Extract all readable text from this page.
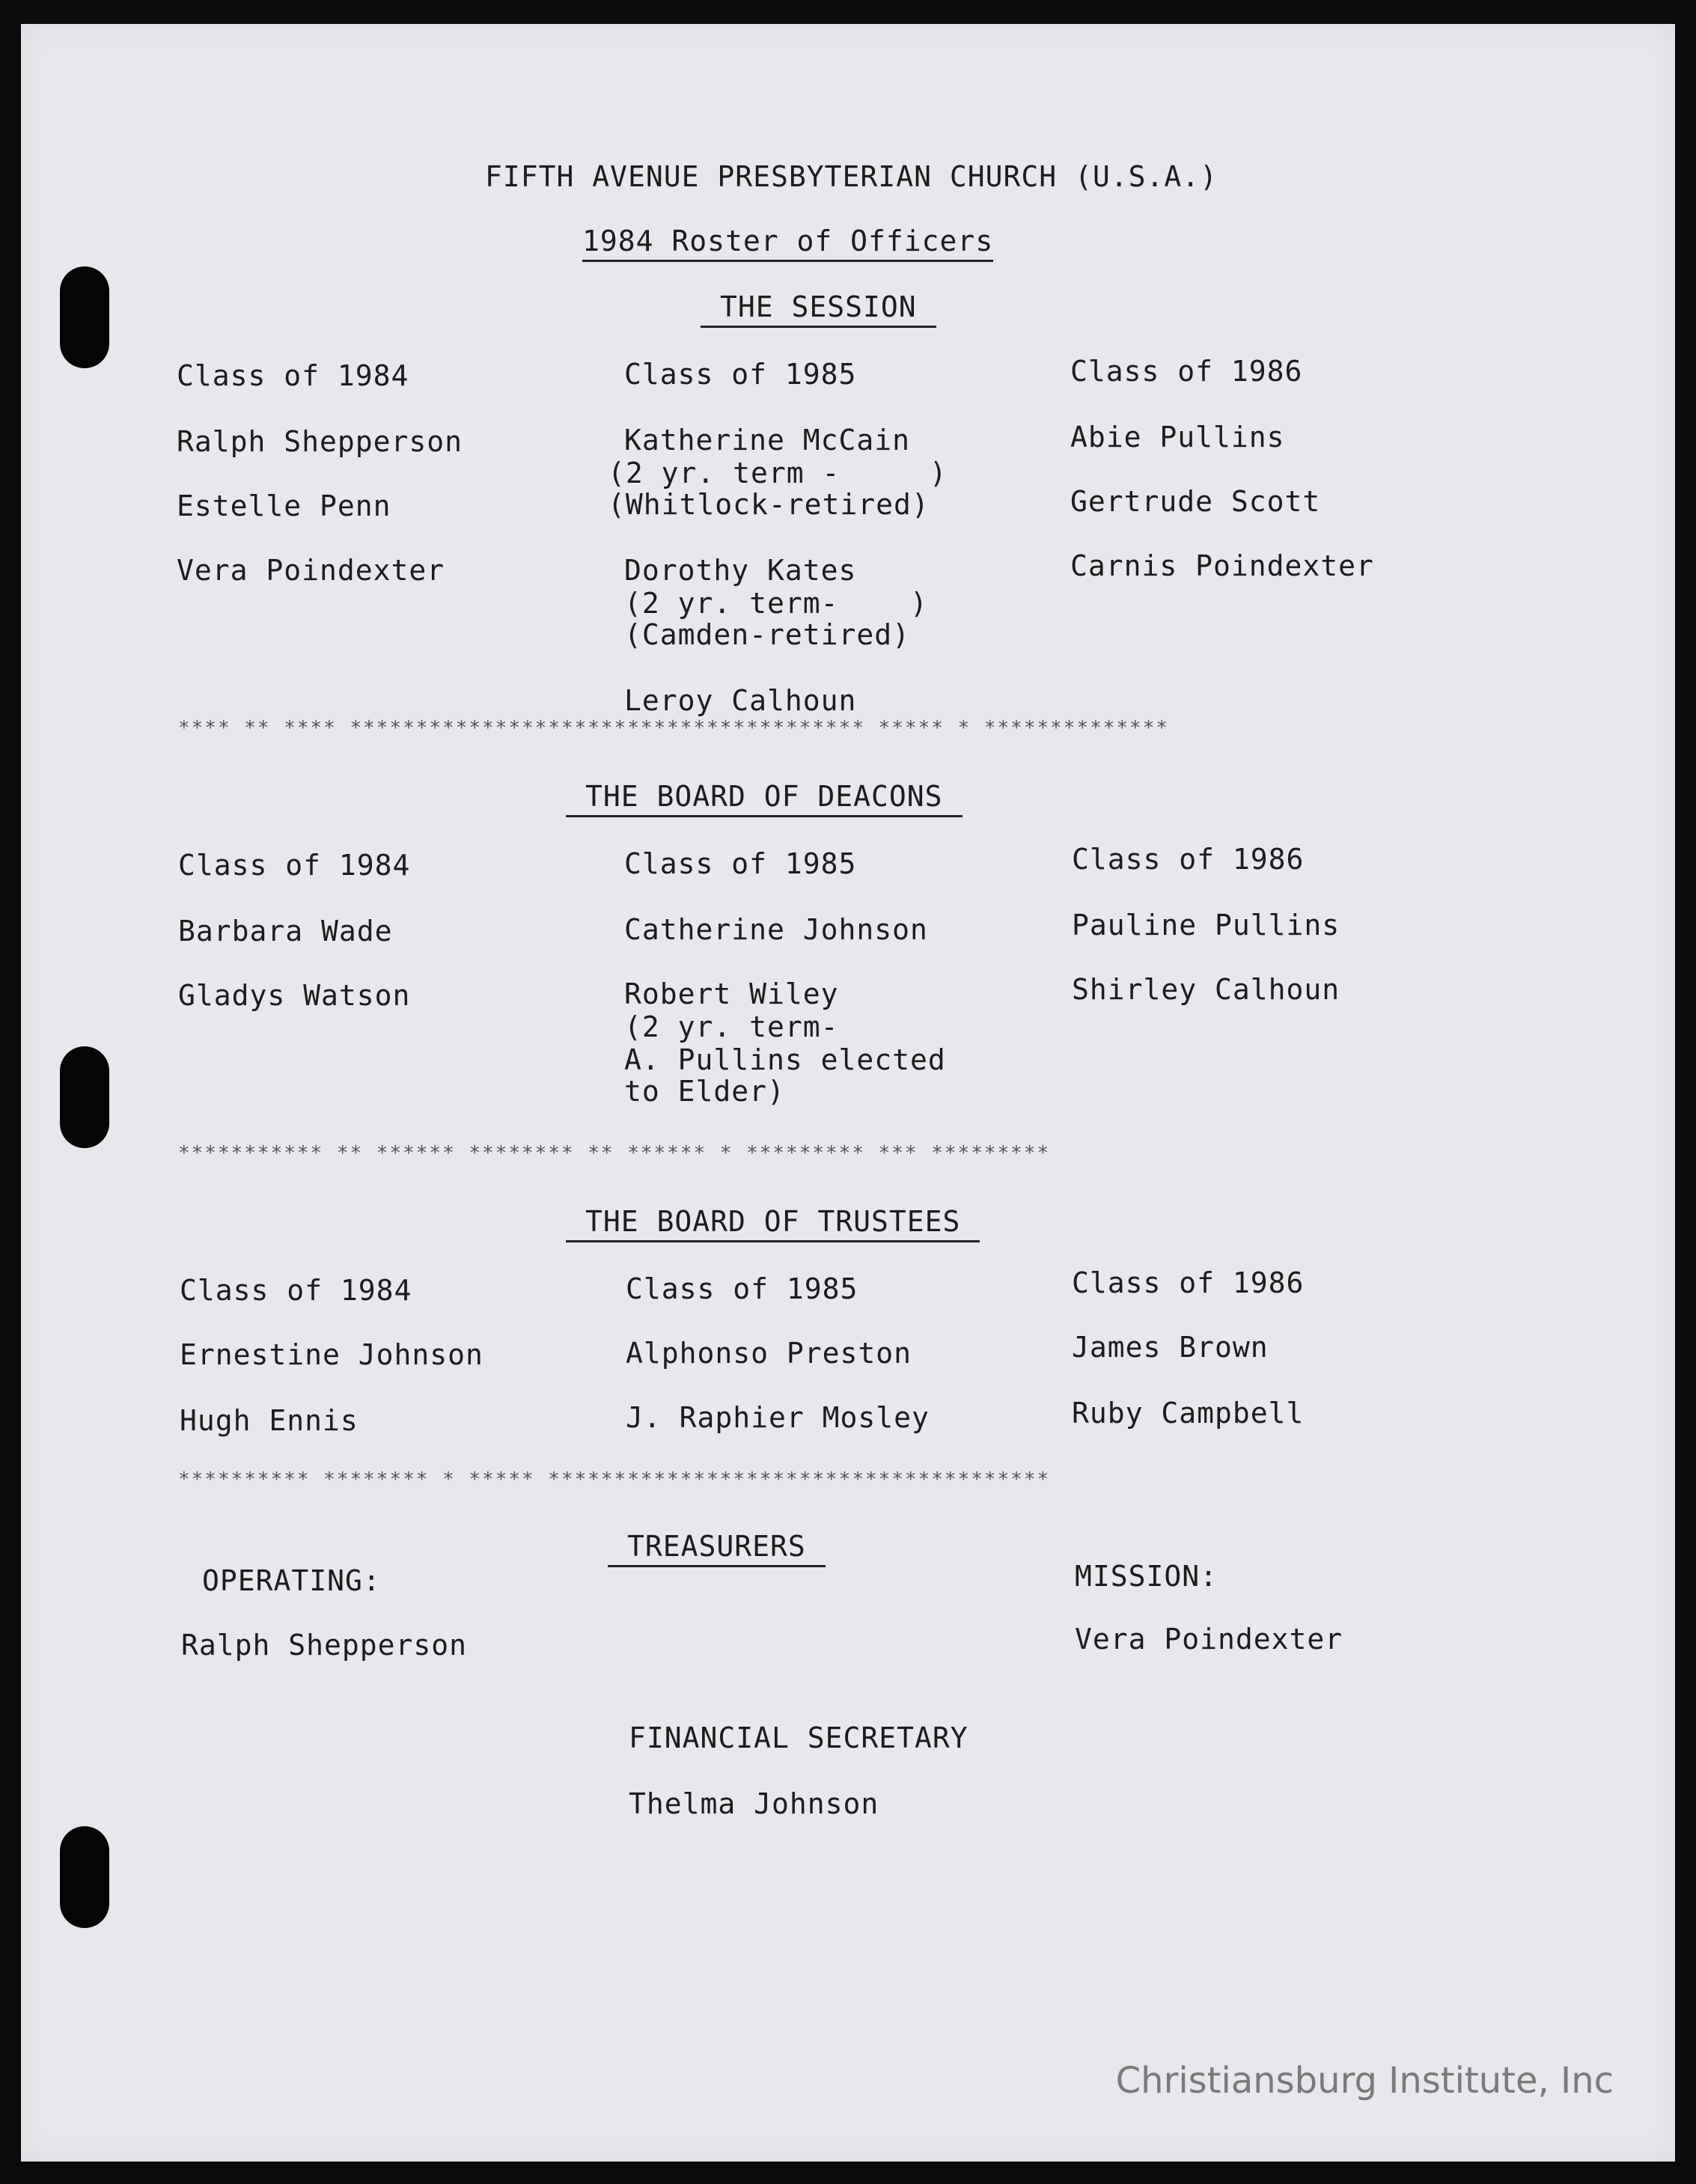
FIFTH AVENUE PRESBYTERIAN CHURCH (U.S.A.)

1984 Roster of Officers

THE SESSION

Class of 1984

Ralph Shepperson

Estelle Penn

Vera Poindexter

Class of 1985

Katherine McCain

(2 yr. term -     )

(Whitlock-retired)

Dorothy Kates

(2 yr. term-    )

(Camden-retired)

Leroy Calhoun

Class of 1986

Abie Pullins

Gertrude Scott

Carnis Poindexter

**** ** **** *************************************** ***** * **************

THE BOARD OF DEACONS

Class of 1984

Barbara Wade

Gladys Watson

Class of 1985

Catherine Johnson

Robert Wiley

(2 yr. term-

A. Pullins elected

to Elder)

Class of 1986

Pauline Pullins

Shirley Calhoun

*********** ** ****** ******** ** ****** * ********* *** *********

THE BOARD OF TRUSTEES

Class of 1984

Ernestine Johnson

Hugh Ennis

Class of 1985

Alphonso Preston

J. Raphier Mosley

Class of 1986

James Brown

Ruby Campbell

********** ******** * ***** **************************************

TREASURERS

OPERATING:

Ralph Shepperson

MISSION:

Vera Poindexter

FINANCIAL SECRETARY

Thelma Johnson

Christiansburg Institute, Inc
